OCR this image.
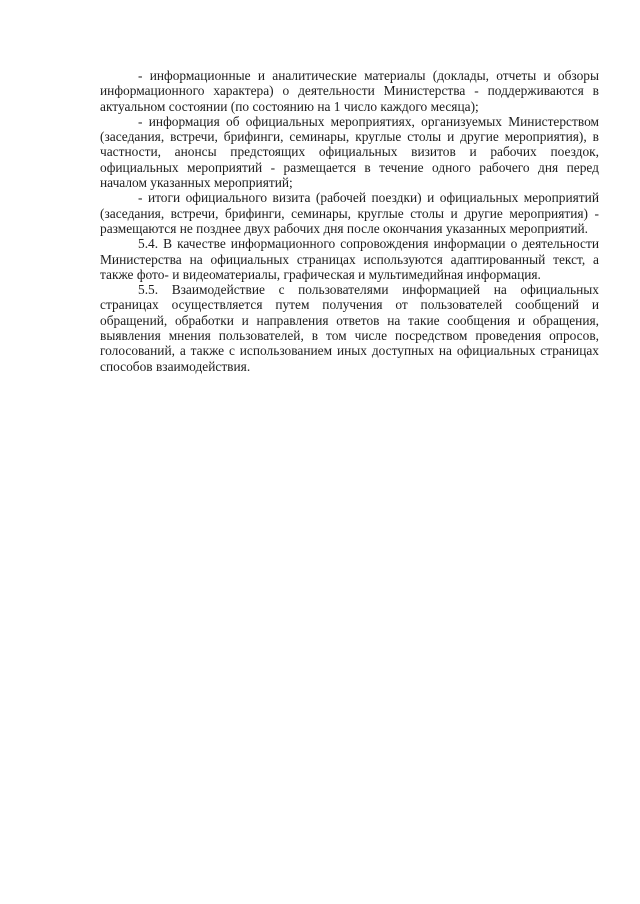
- информационные и аналитические материалы (доклады, отчеты и обзоры информационного характера) о деятельности Министерства - поддерживаются в актуальном состоянии (по состоянию на 1 число каждого месяца);

- информация об официальных мероприятиях, организуемых Министерством (заседания, встречи, брифинги, семинары, круглые столы и другие мероприятия), в частности, анонсы предстоящих официальных визитов и рабочих поездок, официальных мероприятий - размещается в течение одного рабочего дня перед началом указанных мероприятий;

- итоги официального визита (рабочей поездки) и официальных мероприятий (заседания, встречи, брифинги, семинары, круглые столы и другие мероприятия) - размещаются не позднее двух рабочих дня после окончания указанных мероприятий.

5.4. В качестве информационного сопровождения информации о деятельности Министерства на официальных страницах используются адаптированный текст, а также фото- и видеоматериалы, графическая и мультимедийная информация.

5.5. Взаимодействие с пользователями информацией на официальных страницах осуществляется путем получения от пользователей сообщений и обращений, обработки и направления ответов на такие сообщения и обращения, выявления мнения пользователей, в том числе посредством проведения опросов, голосований, а также с использованием иных доступных на официальных страницах способов взаимодействия.
